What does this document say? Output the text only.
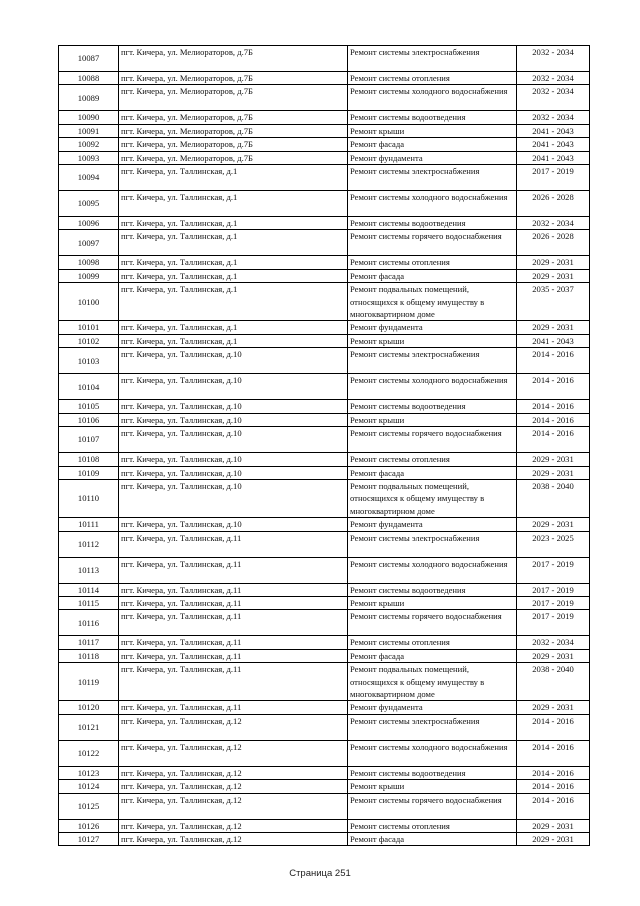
10087	пгт. Кичера, ул. Мелиораторов, д.7Б	Ремонт системы электроснабжения	2032 - 2034
10088	пгт. Кичера, ул. Мелиораторов, д.7Б	Ремонт системы отопления	2032 - 2034
10089	пгт. Кичера, ул. Мелиораторов, д.7Б	Ремонт системы холодного водоснабжения	2032 - 2034
10090	пгт. Кичера, ул. Мелиораторов, д.7Б	Ремонт системы водоотведения	2032 - 2034
10091	пгт. Кичера, ул. Мелиораторов, д.7Б	Ремонт крыши	2041 - 2043
10092	пгт. Кичера, ул. Мелиораторов, д.7Б	Ремонт фасада	2041 - 2043
10093	пгт. Кичера, ул. Мелиораторов, д.7Б	Ремонт фундамента	2041 - 2043
10094	пгт. Кичера, ул. Таллинская, д.1	Ремонт системы электроснабжения	2017 - 2019
10095	пгт. Кичера, ул. Таллинская, д.1	Ремонт системы холодного водоснабжения	2026 - 2028
10096	пгт. Кичера, ул. Таллинская, д.1	Ремонт системы водоотведения	2032 - 2034
10097	пгт. Кичера, ул. Таллинская, д.1	Ремонт системы горячего водоснабжения	2026 - 2028
10098	пгт. Кичера, ул. Таллинская, д.1	Ремонт системы отопления	2029 - 2031
10099	пгт. Кичера, ул. Таллинская, д.1	Ремонт фасада	2029 - 2031
10100	пгт. Кичера, ул. Таллинская, д.1	Ремонт подвальных помещений, относящихся к общему имуществу в многоквартирном доме	2035 - 2037
10101	пгт. Кичера, ул. Таллинская, д.1	Ремонт фундамента	2029 - 2031
10102	пгт. Кичера, ул. Таллинская, д.1	Ремонт крыши	2041 - 2043
10103	пгт. Кичера, ул. Таллинская, д.10	Ремонт системы электроснабжения	2014 - 2016
10104	пгт. Кичера, ул. Таллинская, д.10	Ремонт системы холодного водоснабжения	2014 - 2016
10105	пгт. Кичера, ул. Таллинская, д.10	Ремонт системы водоотведения	2014 - 2016
10106	пгт. Кичера, ул. Таллинская, д.10	Ремонт крыши	2014 - 2016
10107	пгт. Кичера, ул. Таллинская, д.10	Ремонт системы горячего водоснабжения	2014 - 2016
10108	пгт. Кичера, ул. Таллинская, д.10	Ремонт системы отопления	2029 - 2031
10109	пгт. Кичера, ул. Таллинская, д.10	Ремонт фасада	2029 - 2031
10110	пгт. Кичера, ул. Таллинская, д.10	Ремонт подвальных помещений, относящихся к общему имуществу в многоквартирном доме	2038 - 2040
10111	пгт. Кичера, ул. Таллинская, д.10	Ремонт фундамента	2029 - 2031
10112	пгт. Кичера, ул. Таллинская, д.11	Ремонт системы электроснабжения	2023 - 2025
10113	пгт. Кичера, ул. Таллинская, д.11	Ремонт системы холодного водоснабжения	2017 - 2019
10114	пгт. Кичера, ул. Таллинская, д.11	Ремонт системы водоотведения	2017 - 2019
10115	пгт. Кичера, ул. Таллинская, д.11	Ремонт крыши	2017 - 2019
10116	пгт. Кичера, ул. Таллинская, д.11	Ремонт системы горячего водоснабжения	2017 - 2019
10117	пгт. Кичера, ул. Таллинская, д.11	Ремонт системы отопления	2032 - 2034
10118	пгт. Кичера, ул. Таллинская, д.11	Ремонт фасада	2029 - 2031
10119	пгт. Кичера, ул. Таллинская, д.11	Ремонт подвальных помещений, относящихся к общему имуществу в многоквартирном доме	2038 - 2040
10120	пгт. Кичера, ул. Таллинская, д.11	Ремонт фундамента	2029 - 2031
10121	пгт. Кичера, ул. Таллинская, д.12	Ремонт системы электроснабжения	2014 - 2016
10122	пгт. Кичера, ул. Таллинская, д.12	Ремонт системы холодного водоснабжения	2014 - 2016
10123	пгт. Кичера, ул. Таллинская, д.12	Ремонт системы водоотведения	2014 - 2016
10124	пгт. Кичера, ул. Таллинская, д.12	Ремонт крыши	2014 - 2016
10125	пгт. Кичера, ул. Таллинская, д.12	Ремонт системы горячего водоснабжения	2014 - 2016
10126	пгт. Кичера, ул. Таллинская, д.12	Ремонт системы отопления	2029 - 2031
10127	пгт. Кичера, ул. Таллинская, д.12	Ремонт фасада	2029 - 2031
Страница 251
